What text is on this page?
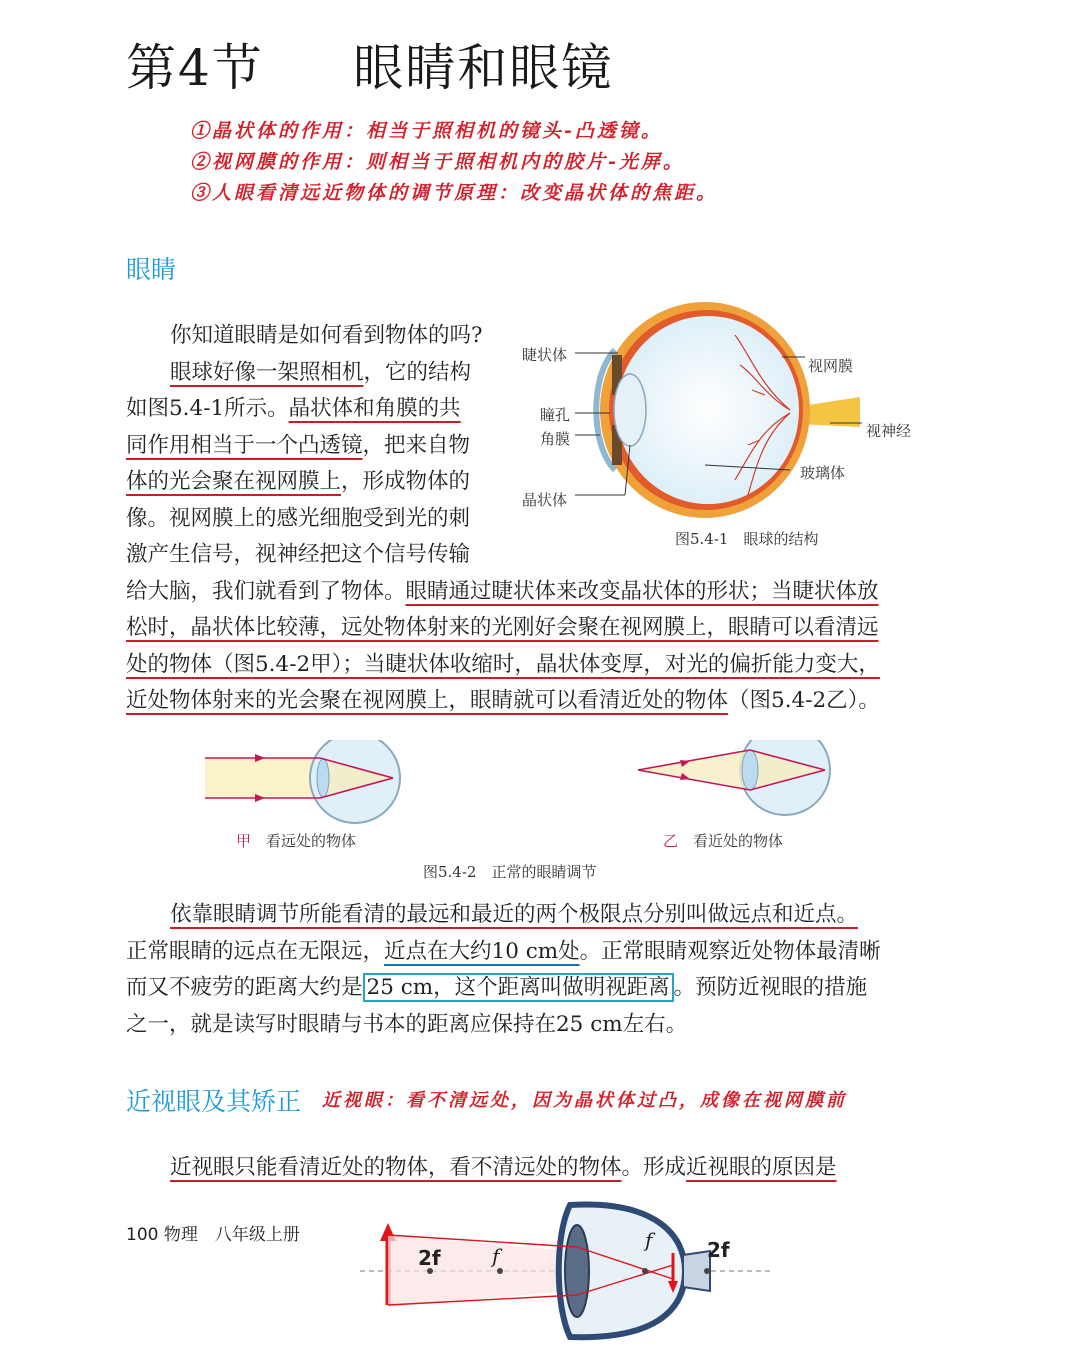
第4节 眼睛和眼镜
①晶状体的作用：相当于照相机的镜头-凸透镜。
②视网膜的作用：则相当于照相机内的胶片-光屏。
③人眼看清远近物体的调节原理：改变晶状体的焦距。
眼睛
你知道眼睛是如何看到物体的吗?
眼球好像一架照相机，它的结构
如图5.4-1所示。晶状体和角膜的共
同作用相当于一个凸透镜，把来自物
体的光会聚在视网膜上，形成物体的
像。视网膜上的感光细胞受到光的刺
激产生信号，视神经把这个信号传输
给大脑，我们就看到了物体。眼睛通过睫状体来改变晶状体的形状；当睫状体放
松时，晶状体比较薄，远处物体射来的光刚好会聚在视网膜上，眼睛可以看清远 处的物体（图5.4-2甲）；当睫状体收缩时，晶状体变厚，对光的偏折能力变大，
近处物体射来的光会聚在视网膜上，眼睛就可以看清近处的物体（图5.4-2乙）。
睫状体
瞳孔
角膜
晶状体
视网膜
视神经
玻璃体
图5.4-1　眼球的结构
甲　 看远处的物体	乙　 看近处的物体
图5.4-2　正常的眼睛调节
依靠眼睛调节所能看清的最远和最近的两个极限点分别叫做远点和近点。
正常眼睛的远点在无限远，近点在大约10 cm处。正常眼睛观察近处物体最清晰
而又不疲劳的距离大约是 25 cm，这个距离叫做明视距离 。预防近视眼的措施
之一，就是读写时眼睛与书本的距离应保持在25 cm左右。
近视眼及其矫正 近视眼：看不清远处，因为晶状体过凸，成像在视网膜前
近视眼只能看清近处的物体，看不清远处的物体。形成近视眼的原因是
100 物理　八年级上册
2f	f
f	2f
